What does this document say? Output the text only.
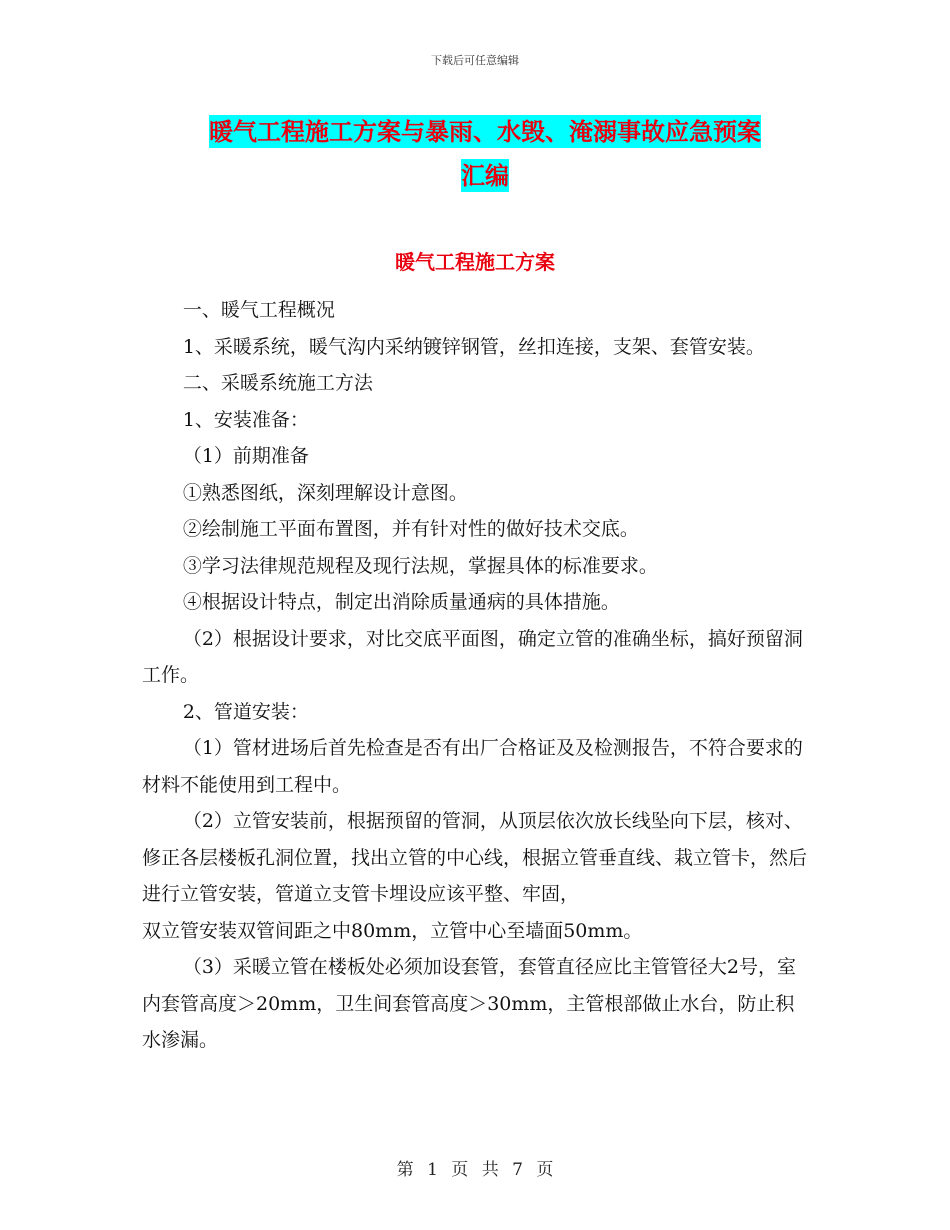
下载后可任意编辑
暖气工程施工方案与暴雨、水毁、淹溺事故应急预案
汇编
暖气工程施工方案

一、暖气工程概况

1、采暖系统，暖气沟内采纳镀锌钢管，丝扣连接，支架、套管安装。

二、采暖系统施工方法

1、安装准备：

（1）前期准备

①熟悉图纸，深刻理解设计意图。

②绘制施工平面布置图，并有针对性的做好技术交底。

③学习法律规范规程及现行法规，掌握具体的标准要求。

④根据设计特点，制定出消除质量通病的具体措施。

（2）根据设计要求，对比交底平面图，确定立管的准确坐标，搞好预留洞工作。

2、管道安装：

（1）管材进场后首先检查是否有出厂合格证及及检测报告，不符合要求的材料不能使用到工程中。

（2）立管安装前，根据预留的管洞，从顶层依次放长线坠向下层，核对、修正各层楼板孔洞位置，找出立管的中心线，根据立管垂直线、栽立管卡，然后进行立管安装，管道立支管卡埋设应该平整、牢固，

双立管安装双管间距之中80mm，立管中心至墙面50mm。

（3）采暖立管在楼板处必须加设套管，套管直径应比主管管径大2号，室内套管高度＞20mm，卫生间套管高度＞30mm，主管根部做止水台，防止积水渗漏。

第 1 页 共 7 页
